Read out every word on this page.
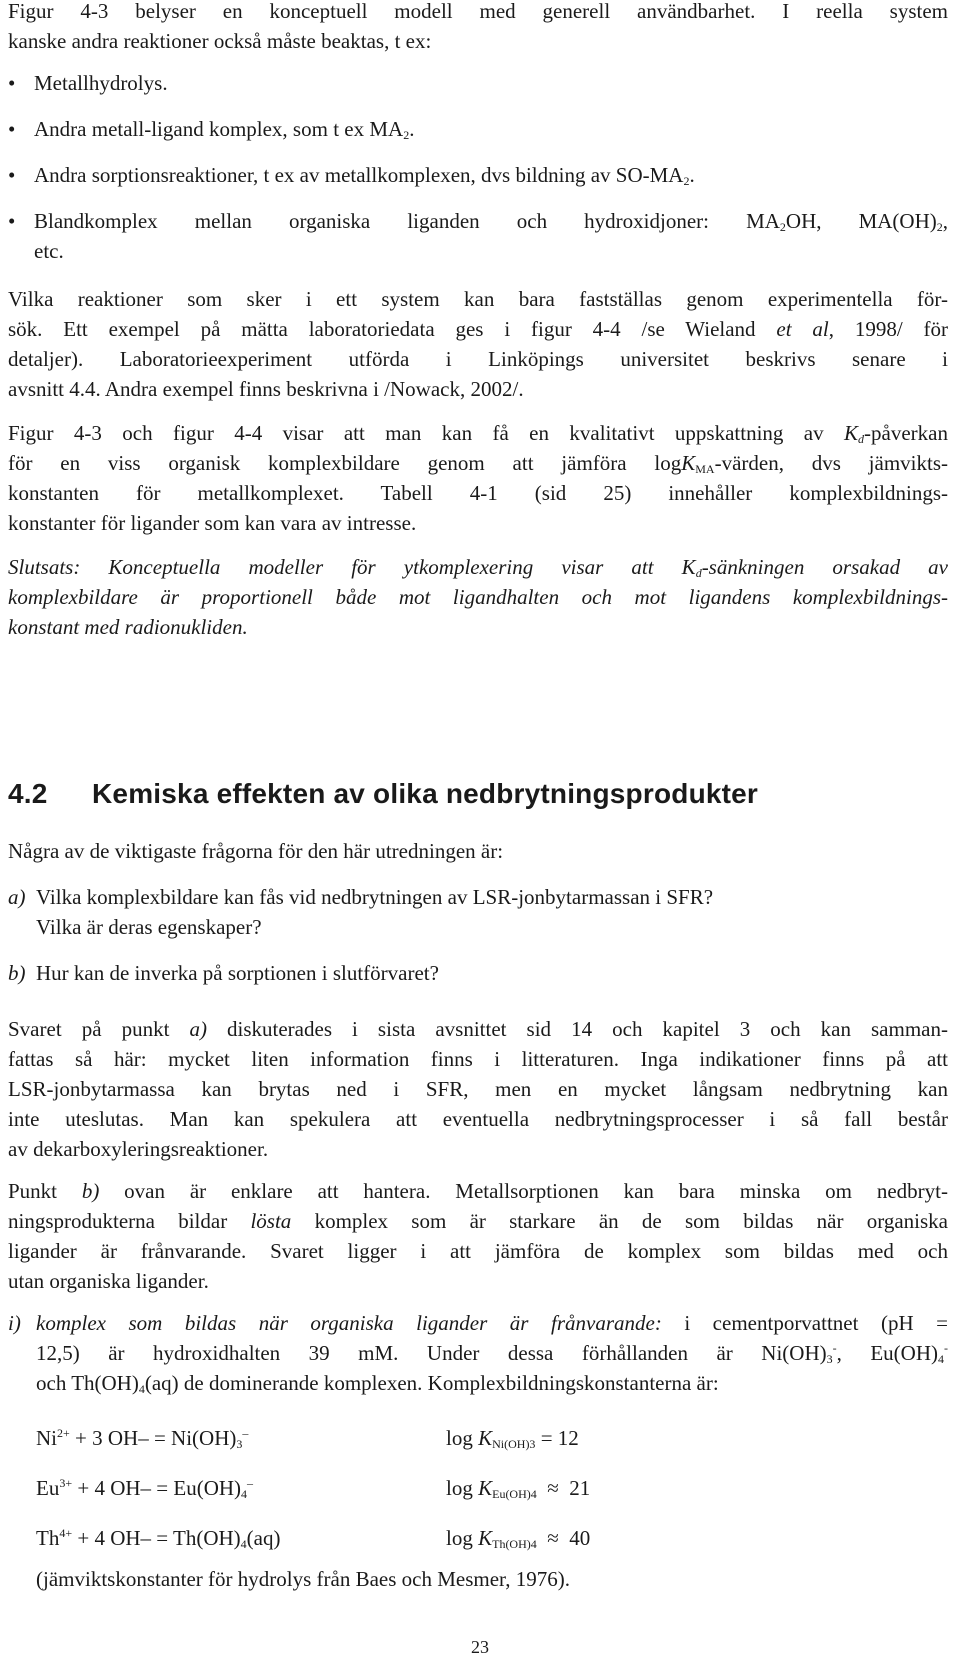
Figur 4-3 belyser en konceptuell modell med generell användbarhet. I reella system

kanske andra reaktioner också måste beaktas, t ex:

• Metallhydrolys.
• Andra metall-ligand komplex, som t ex $MA_2$.
• Andra sorptionsreaktioner, t ex av metallkomplexen, dvs bildning av $SO-MA_2$.
• Blandkomplex mellan organiska liganden och hydroxidjoner: $MA_2OH$, $MA(OH)_2$,
etc.
Vilka reaktioner som sker i ett system kan bara fastställas genom experimentella för-
sök. Ett exempel på mätta laboratoriedata ges i figur 4-4 /se Wieland et al, 1998/ för
detaljer). Laboratorieexperiment utförda i Linköpings universitet beskrivs senare i
avsnitt 4.4. Andra exempel finns beskrivna i /Nowack, 2002/.
Figur 4-3 och figur 4-4 visar att man kan få en kvalitativt uppskattning av $K_d$-påverkan
för en viss organisk komplexbildare genom att jämföra logK$_{MA}$-värden, dvs jämvikts-
konstanten för metallkomplexet. Tabell 4-1 (sid 25) innehåller komplexbildnings-
konstanter för ligander som kan vara av intresse.
Slutsats: Konceptuella modeller för ytkomplexering visar att $K_d$-sänkningen orsakad av
komplexbildare är proportionell både mot ligandhalten och mot ligandens komplexbildnings-
konstant med radionukliden.
4.2 Kemiska effekten av olika nedbrytningsprodukter
Några av de viktigaste frågorna för den här utredningen är:
a) Vilka komplexbildare kan fås vid nedbrytningen av LSR-jonbytarmassan i SFR?
Vilka är deras egenskaper?
b) Hur kan de inverka på sorptionen i slutförvaret?
Svaret på punkt a) diskuterades i sista avsnittet sid 14 och kapitel 3 och kan samman-
fattas så här: mycket liten information finns i litteraturen. Inga indikationer finns på att
LSR-jonbytarmassa kan brytas ned i SFR, men en mycket långsam nedbrytning kan
inte uteslutas. Man kan spekulera att eventuella nedbrytningsprocesser i så fall består
av dekarboxyleringsreaktioner.
Punkt b) ovan är enklare att hantera. Metallsorptionen kan bara minska om nedbryt-
ningsprodukterna bildar lösta komplex som är starkare än de som bildas när organiska
ligander är frånvarande. Svaret ligger i att jämföra de komplex som bildas med och
utan organiska ligander.
i) komplex som bildas när organiska ligander är frånvarande: i cementporvattnet (pH =
12,5) är hydroxidhalten 39 mM. Under dessa förhållanden är $Ni(OH)_3^-$, $Eu(OH)_4^-$
och $Th(OH)_4(aq)$ de dominerande komplexen. Komplexbildningskonstanterna är:
$Ni^{2+} + 3$ $OH- = Ni(OH)_3^-$	$\log K_{Ni(OH)3} = 12$
$Eu^{3+} + 4$ $OH- = Eu(OH)_4^-$	$\log K_{Eu(OH)4} \approx 21$
$Th^{4+} + 4$ $OH- = Th(OH)_4(aq)$	$\log K_{Th(OH)4} \approx 40$
(jämviktskonstanter för hydrolys från Baes och Mesmer, 1976).
23
